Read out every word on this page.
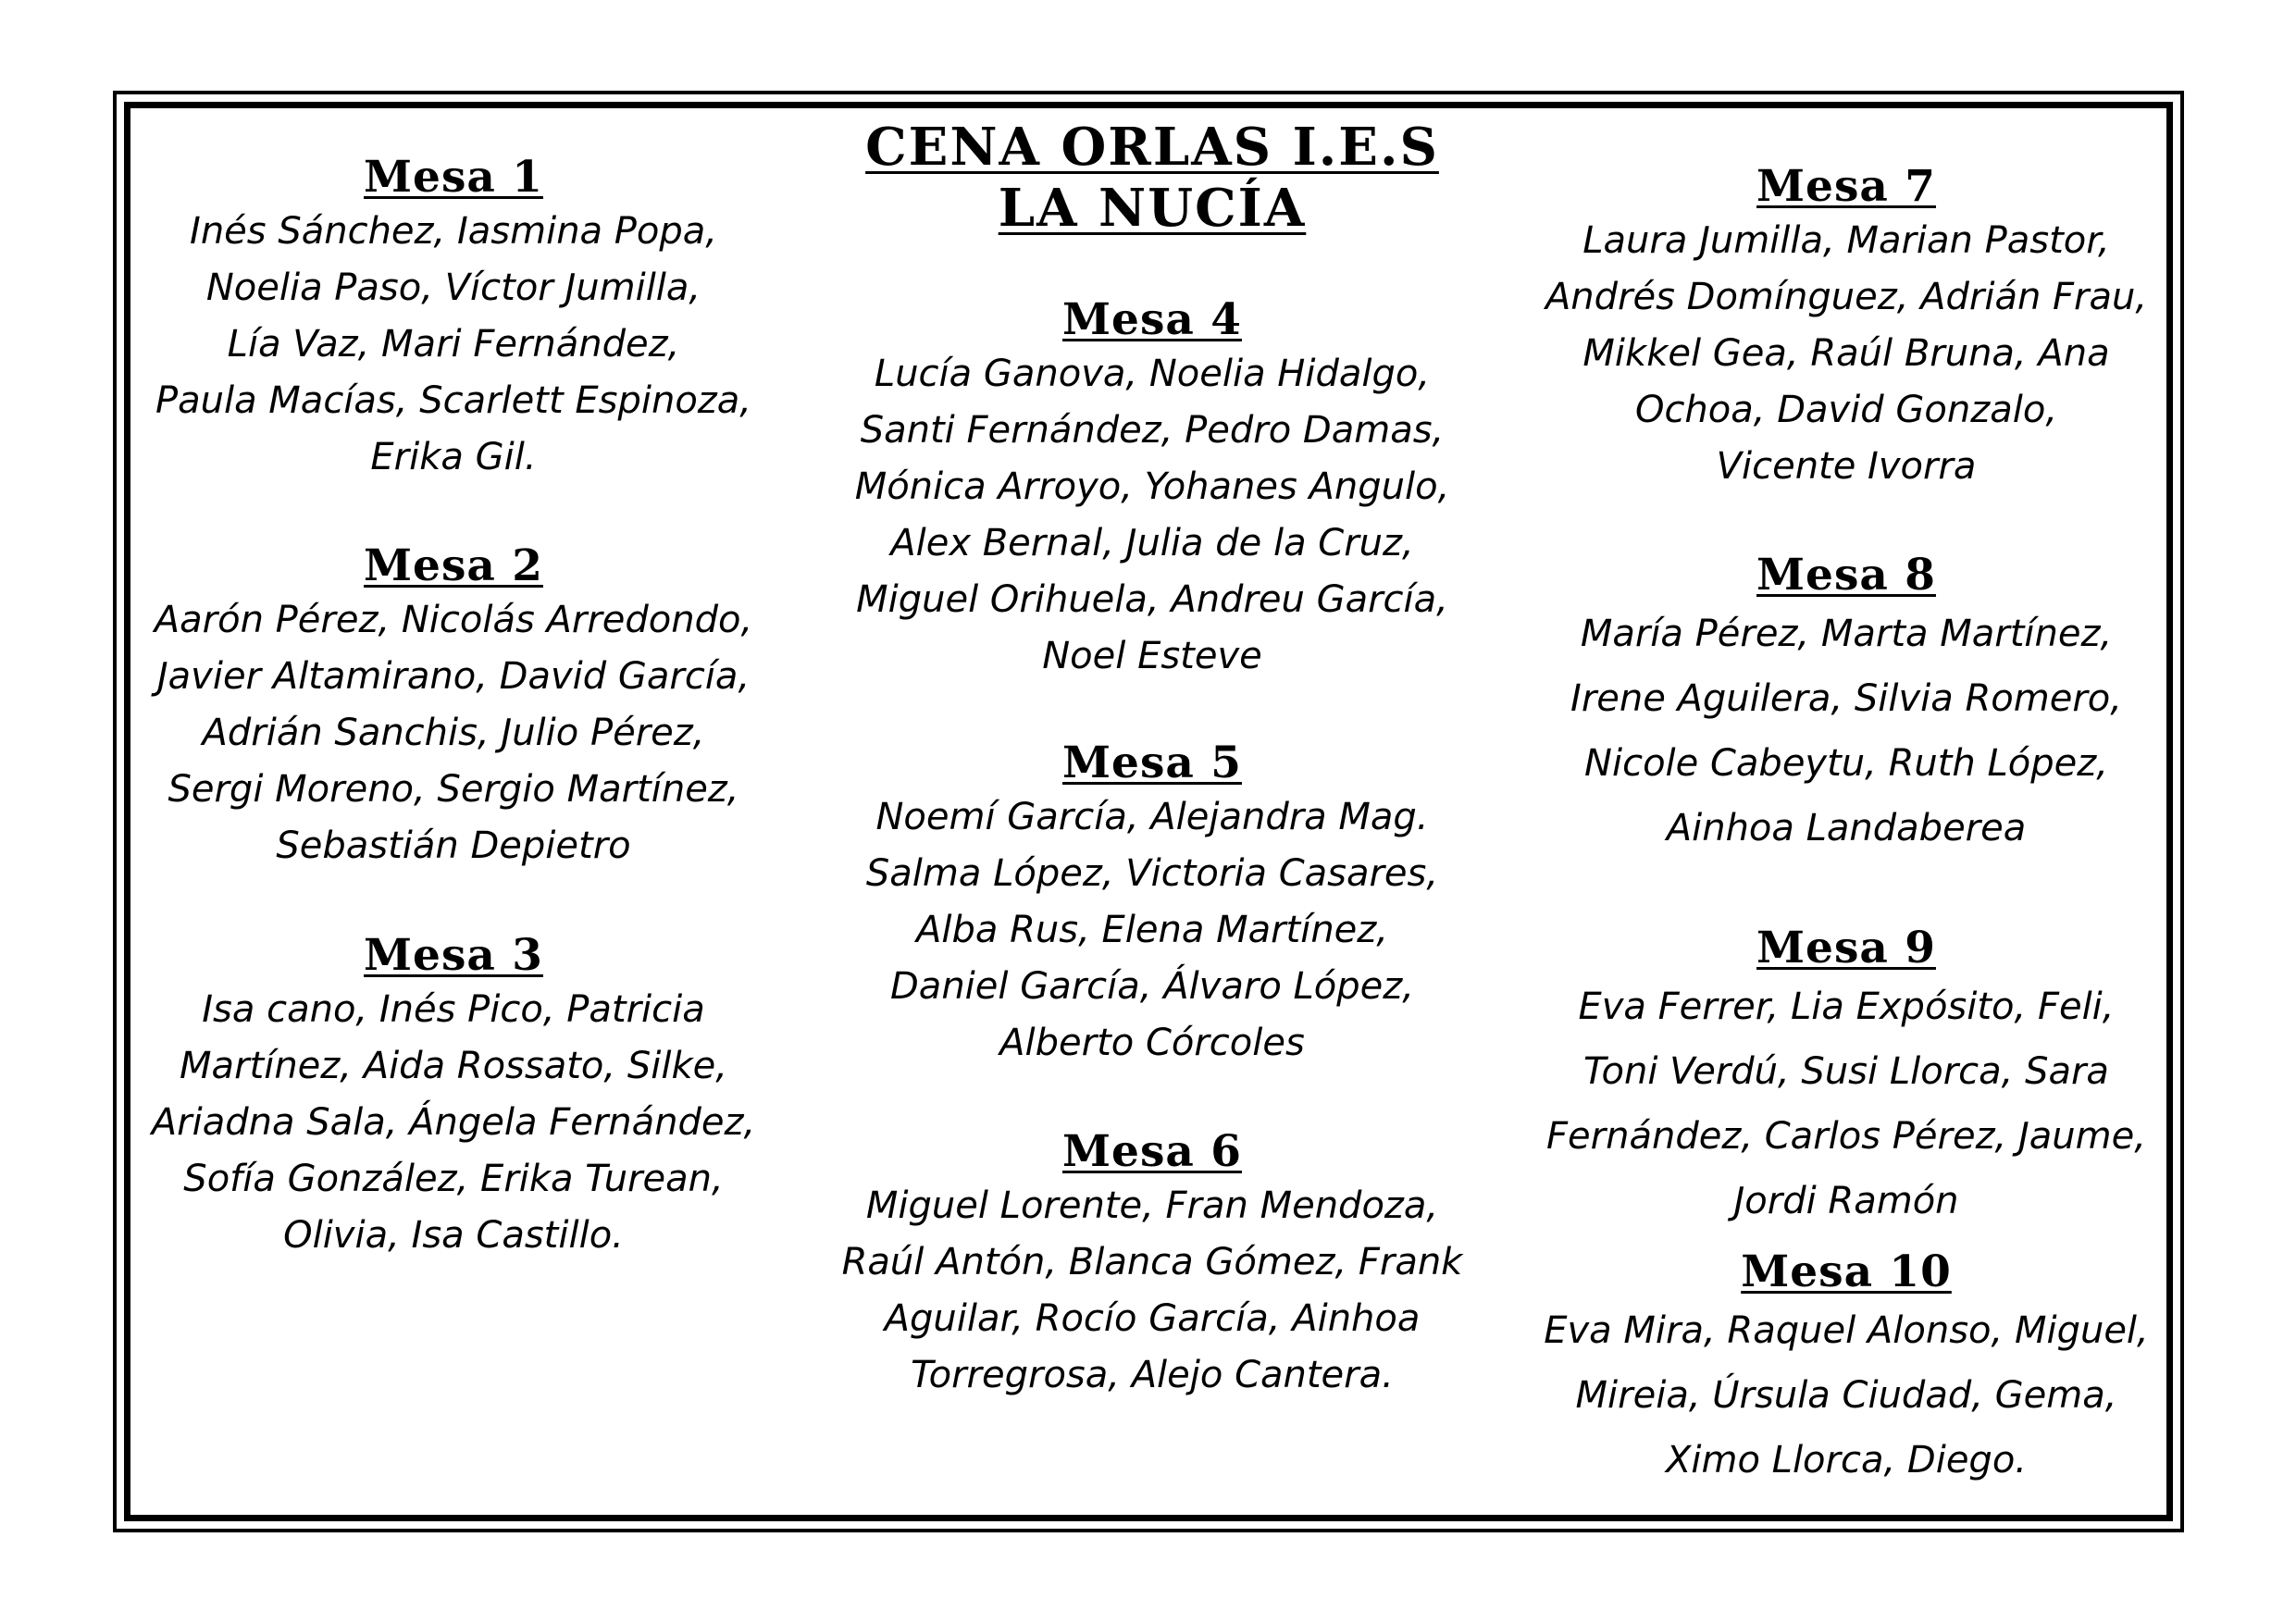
CENA ORLAS I.E.S
LA NUCÍA
Mesa 1
Inés Sánchez, Iasmina Popa,
Noelia Paso, Víctor Jumilla,
Lía Vaz, Mari Fernández,
Paula Macías, Scarlett Espinoza,
Erika Gil.
Mesa 2
Aarón Pérez, Nicolás Arredondo,
Javier Altamirano, David García,
Adrián Sanchis, Julio Pérez,
Sergi Moreno, Sergio Martínez,
Sebastián Depietro
Mesa 3
Isa cano, Inés Pico, Patricia
Martínez, Aida Rossato, Silke,
Ariadna Sala, Ángela Fernández,
Sofía González, Erika Turean,
Olivia, Isa Castillo.
Mesa 4
Lucía Ganova, Noelia Hidalgo,
Santi Fernández, Pedro Damas,
Mónica Arroyo, Yohanes Angulo,
Alex Bernal, Julia de la Cruz,
Miguel Orihuela, Andreu García,
Noel Esteve
Mesa 5
Noemí García, Alejandra Mag.
Salma López, Victoria Casares,
Alba Rus, Elena Martínez,
Daniel García, Álvaro López,
Alberto Córcoles
Mesa 6
Miguel Lorente, Fran Mendoza,
Raúl Antón, Blanca Gómez, Frank
Aguilar, Rocío García, Ainhoa
Torregrosa, Alejo Cantera.
Mesa 7
Laura Jumilla, Marian Pastor,
Andrés Domínguez, Adrián Frau,
Mikkel Gea, Raúl Bruna, Ana
Ochoa, David Gonzalo,
Vicente Ivorra
Mesa 8
María Pérez, Marta Martínez,
Irene Aguilera, Silvia Romero,
Nicole Cabeytu, Ruth López,
Ainhoa Landaberea
Mesa 9
Eva Ferrer, Lia Expósito, Feli,
Toni Verdú, Susi Llorca, Sara
Fernández, Carlos Pérez, Jaume,
Jordi Ramón
Mesa 10
Eva Mira, Raquel Alonso, Miguel,
Mireia, Úrsula Ciudad, Gema,
Ximo Llorca, Diego.
